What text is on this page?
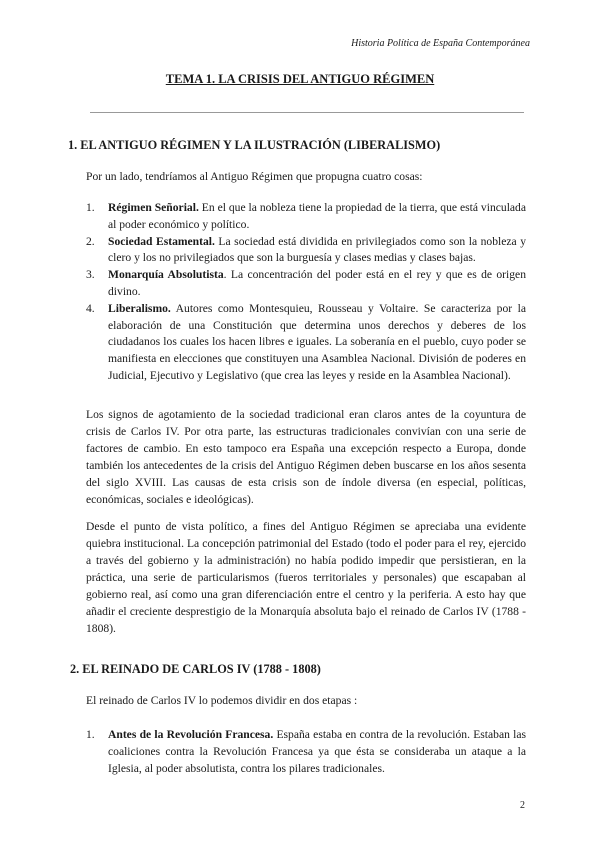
Historia Política de España Contemporánea
TEMA 1. LA CRISIS DEL ANTIGUO RÉGIMEN
1. EL ANTIGUO RÉGIMEN Y LA ILUSTRACIÓN (LIBERALISMO)

Por un lado, tendríamos al Antiguo Régimen que propugna cuatro cosas:

1. Régimen Señorial. En el que la nobleza tiene la propiedad de la tierra, que está vinculada al poder económico y político.
2. Sociedad Estamental. La sociedad está dividida en privilegiados como son la nobleza y clero y los no privilegiados que son la burguesía y clases medias y clases bajas.
3. Monarquía Absolutista. La concentración del poder está en el rey y que es de origen divino.
4. Liberalismo. Autores como Montesquieu, Rousseau y Voltaire. Se caracteriza por la elaboración de una Constitución que determina unos derechos y deberes de los ciudadanos los cuales los hacen libres e iguales. La soberanía en el pueblo, cuyo poder se manifiesta en elecciones que constituyen una Asamblea Nacional. División de poderes en Judicial, Ejecutivo y Legislativo (que crea las leyes y reside en la Asamblea Nacional).

Los signos de agotamiento de la sociedad tradicional eran claros antes de la coyuntura de crisis de Carlos IV. Por otra parte, las estructuras tradicionales convivían con una serie de factores de cambio. En esto tampoco era España una excepción respecto a Europa, donde también los antecedentes de la crisis del Antiguo Régimen deben buscarse en los años sesenta del siglo XVIII. Las causas de esta crisis son de índole diversa (en especial, políticas, económicas, sociales e ideológicas).

Desde el punto de vista político, a fines del Antiguo Régimen se apreciaba una evidente quiebra institucional. La concepción patrimonial del Estado (todo el poder para el rey, ejercido a través del gobierno y la administración) no había podido impedir que persistieran, en la práctica, una serie de particularismos (fueros territoriales y personales) que escapaban al gobierno real, así como una gran diferenciación entre el centro y la periferia. A esto hay que añadir el creciente desprestigio de la Monarquía absoluta bajo el reinado de Carlos IV (1788 - 1808).

2. EL REINADO DE CARLOS IV (1788 - 1808)

El reinado de Carlos IV lo podemos dividir en dos etapas :

1. Antes de la Revolución Francesa. España estaba en contra de la revolución. Estaban las coaliciones contra la Revolución Francesa ya que ésta se consideraba un ataque a la Iglesia, al poder absolutista, contra los pilares tradicionales.
2
